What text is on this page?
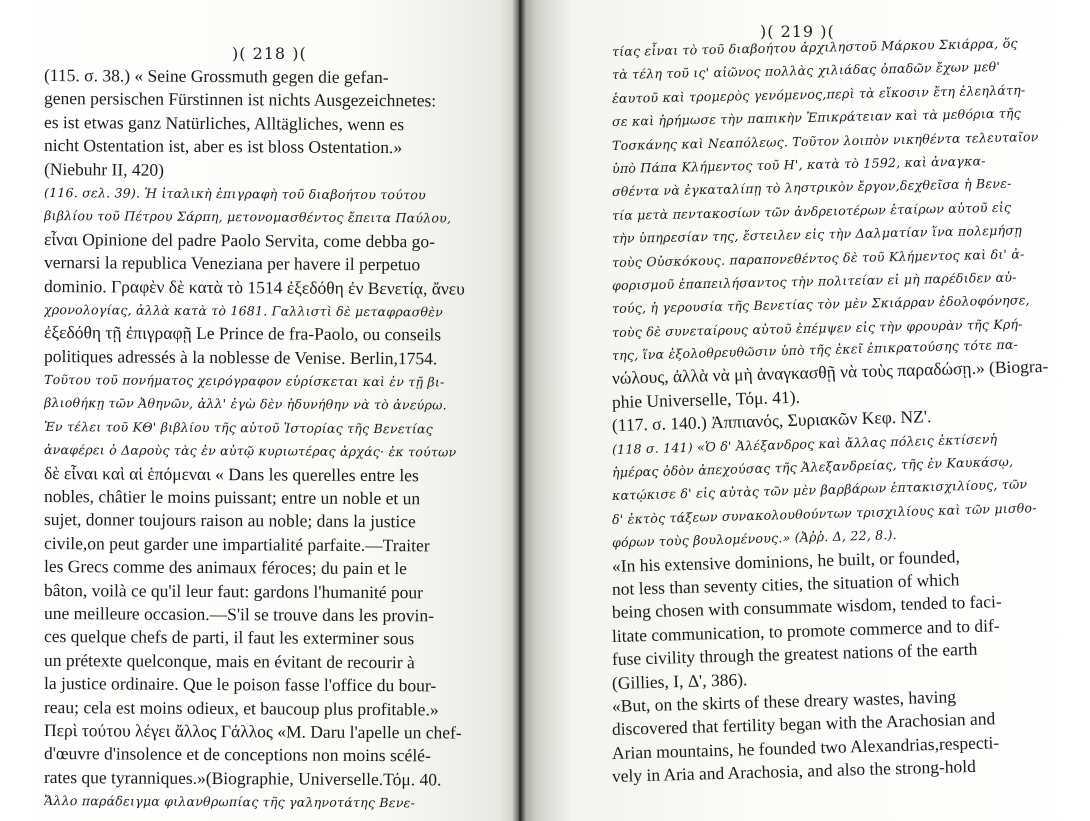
)( 218 )(
(115. σ. 38.) « Seine Grossmuth gegen die gefan-
genen persischen Fürstinnen ist nichts Ausgezeichnetes:
es ist etwas ganz Natürliches, Alltägliches, wenn es
nicht Ostentation ist, aber es ist bloss Ostentation.»
(Niebuhr II, 420)
(116. σελ. 39). Ἡ ἰταλικὴ ἐπιγραφὴ τοῦ διαβοήτου τούτου
βιβλίου τοῦ Πέτρου Σάρπη, μετονομασθέντος ἔπειτα Παύλου,
εἶναι Opinione del padre Paolo Servita, come debba go-
vernarsi la republica Veneziana per havere il perpetuo
dominio. Γραφὲν δὲ κατὰ τὸ 1514 ἐξεδόθη ἐν Βενετίᾳ, ἄνευ
χρονολογίας, ἀλλὰ κατὰ τὸ 1681. Γαλλιστὶ δὲ μεταφρασθὲν
ἐξεδόθη τῇ ἐπιγραφῇ Le Prince de fra-Paolo, ou conseils
politiques adressés à la noblesse de Venise. Berlin,1754.
Τοῦτου τοῦ πονήματος χειρόγραφον εὑρίσκεται καὶ ἐν τῇ βι-
βλιοθήκῃ τῶν Ἀθηνῶν, ἀλλ' ἐγὼ δὲν ἠδυνήθην νὰ τὸ ἀνεύρω.
Ἐν τέλει τοῦ ΚΘ' βιβλίου τῆς αὑτοῦ Ἱστορίας τῆς Βενετίας
ἀναφέρει ὁ Δαροὺς τὰς ἐν αὐτῷ κυριωτέρας ἀρχάς· ἐκ τούτων
δὲ εἶναι καὶ αἱ ἑπόμεναι « Dans les querelles entre les
nobles, châtier le moins puissant; entre un noble et un
sujet, donner toujours raison au noble; dans la justice
civile,on peut garder une impartialité parfaite.—Traiter
les Grecs comme des animaux féroces; du pain et le
bâton, voilà ce qu'il leur faut: gardons l'humanité pour
une meilleure occasion.—S'il se trouve dans les provin-
ces quelque chefs de parti, il faut les exterminer sous
un prétexte quelconque, mais en évitant de recourir à
la justice ordinaire. Que le poison fasse l'office du bour-
reau; cela est moins odieux, et baucoup plus profitable.»
Περὶ τούτου λέγει ἄλλος Γάλλος «M. Daru l'apelle un chef-
d'œuvre d'insolence et de conceptions non moins scélé-
rates que tyranniques.»(Biographie, Universelle.Τόμ. 40.
Ἄλλο παράδειγμα φιλανθρωπίας τῆς γαληνοτάτης Βενε-
)( 219 )(
τίας εἶναι τὸ τοῦ διαβοήτου ἀρχιληστοῦ Μάρκου Σκιάρρα, ὅς
τὰ τέλη τοῦ ις' αἰῶνος πολλὰς χιλιάδας ὀπαδῶν ἔχων μεθ'
ἑαυτοῦ καὶ τρομερὸς γενόμενος,περὶ τὰ εἴκοσιν ἔτη ἐλεηλάτη-
σε καὶ ἠρήμωσε τὴν παπικὴν Ἐπικράτειαν καὶ τὰ μεθόρια τῆς
Τοσκάνης καὶ Νεαπόλεως. Τοῦτον λοιπὸν νικηθέντα τελευταῖον
ὑπὸ Πάπα Κλήμεντος τοῦ Η', κατὰ τὸ 1592, καὶ ἀναγκα-
σθέντα νὰ ἐγκαταλίπῃ τὸ ληστρικὸν ἔργον,δεχθεῖσα ἡ Βενε-
τία μετὰ πεντακοσίων τῶν ἀνδρειοτέρων ἑταίρων αὐτοῦ εἰς
τὴν ὑπηρεσίαν της, ἔστειλεν εἰς τὴν Δαλματίαν ἵνα πολεμήσῃ
τοὺς Οὐσκόκους. παραπονεθέντος δὲ τοῦ Κλήμεντος καὶ δι' ἀ-
φορισμοῦ ἐπαπειλήσαντος τὴν πολιτείαν εἰ μὴ παρέδιδεν αὐ-
τούς, ἡ γερουσία τῆς Βενετίας τὸν μὲν Σκιάρραν ἐδολοφόνησε,
τοὺς δὲ συνεταίρους αὐτοῦ ἐπέμψεν εἰς τὴν φρουρὰν τῆς Κρή-
της, ἵνα ἐξολοθρευθῶσιν ὑπὸ τῆς ἐκεῖ ἐπικρατούσης τότε πα-
νώλους, ἀλλὰ νὰ μὴ ἀναγκασθῇ νὰ τοὺς παραδώσῃ.» (Biogra-
phie Universelle, Τόμ. 41).
(117. σ. 140.) Ἀππιανός, Συριακῶν Κεφ. ΝΖ'.
(118 σ. 141) «Ὁ δ' Ἀλέξανδρος καὶ ἄλλας πόλεις ἐκτίσενἡ
ἡμέρας ὁδὸν ἀπεχούσας τῆς Ἀλεξανδρείας, τῆς ἐν Καυκάσῳ,
κατῴκισε δ' εἰς αὐτὰς τῶν μὲν βαρβάρων ἑπτακισχιλίους, τῶν
δ' ἐκτὸς τάξεων συνακολουθούντων τρισχιλίους καὶ τῶν μισθο-
φόρων τοὺς βουλομένους.» (Ἀῤῥ. Δ, 22, 8.).
«In his extensive dominions, he built, or founded,
not less than seventy cities, the situation of which
being chosen with consummate wisdom, tended to faci-
litate communication, to promote commerce and to dif-
fuse civility through the greatest nations of the earth
(Gillies, I, Δ', 386).
«But, on the skirts of these dreary wastes, having
discovered that fertility began with the Arachosian and
Arian mountains, he founded two Alexandrias,respecti-
vely in Aria and Arachosia, and also the strong-hold
